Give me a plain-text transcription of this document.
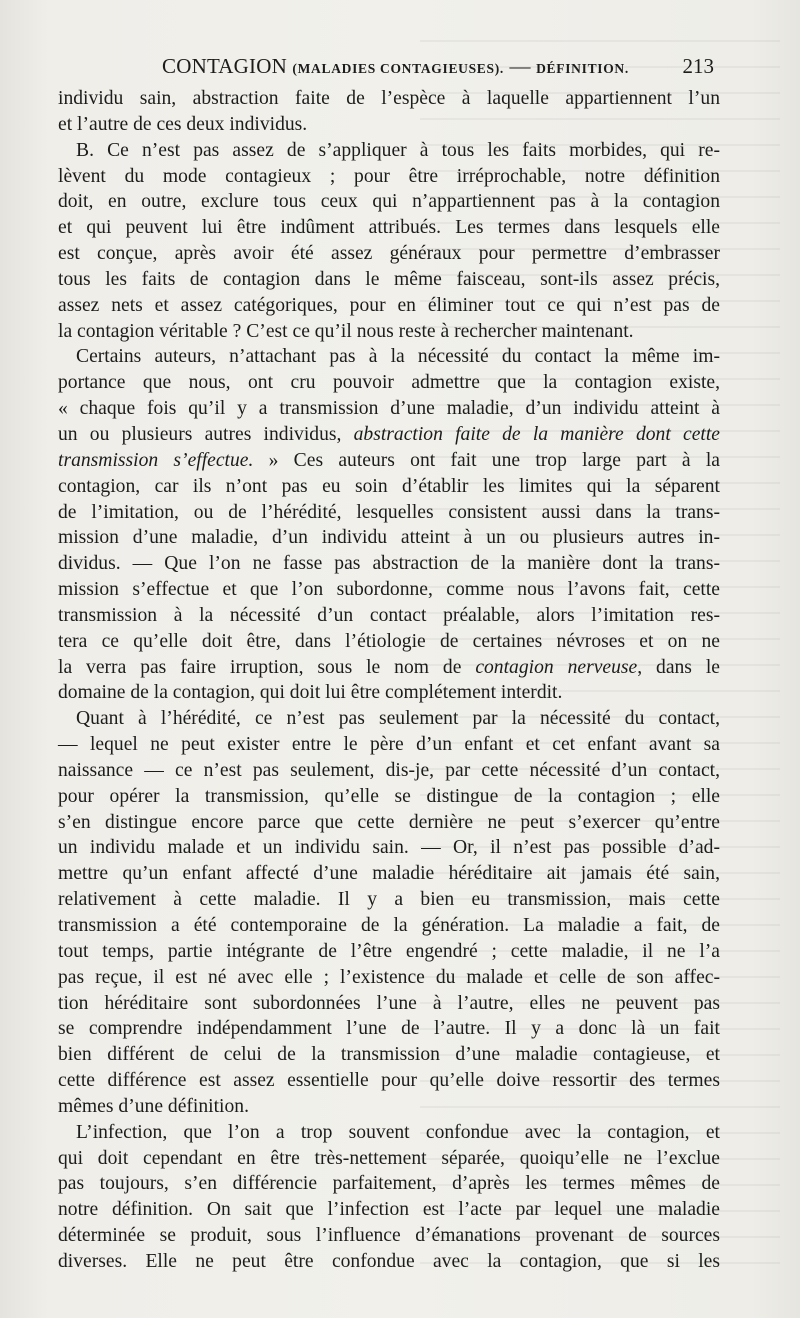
CONTAGION (MALADIES CONTAGIEUSES). — DÉFINITION.	213
individu sain, abstraction faite de l’espèce à laquelle appartiennent l’un
et l’autre de ces deux individus.
B. Ce n’est pas assez de s’appliquer à tous les faits morbides, qui re-
lèvent du mode contagieux ; pour être irréprochable, notre définition
doit, en outre, exclure tous ceux qui n’appartiennent pas à la contagion
et qui peuvent lui être indûment attribués. Les termes dans lesquels elle
est conçue, après avoir été assez généraux pour permettre d’embrasser
tous les faits de contagion dans le même faisceau, sont-ils assez précis,
assez nets et assez catégoriques, pour en éliminer tout ce qui n’est pas de
la contagion véritable ? C’est ce qu’il nous reste à rechercher maintenant.
Certains auteurs, n’attachant pas à la nécessité du contact la même im-
portance que nous, ont cru pouvoir admettre que la contagion existe,
« chaque fois qu’il y a transmission d’une maladie, d’un individu atteint à
un ou plusieurs autres individus, abstraction faite de la manière dont cette
transmission s’effectue. » Ces auteurs ont fait une trop large part à la
contagion, car ils n’ont pas eu soin d’établir les limites qui la séparent
de l’imitation, ou de l’hérédité, lesquelles consistent aussi dans la trans-
mission d’une maladie, d’un individu atteint à un ou plusieurs autres in-
dividus. — Que l’on ne fasse pas abstraction de la manière dont la trans-
mission s’effectue et que l’on subordonne, comme nous l’avons fait, cette
transmission à la nécessité d’un contact préalable, alors l’imitation res-
tera ce qu’elle doit être, dans l’étiologie de certaines névroses et on ne
la verra pas faire irruption, sous le nom de contagion nerveuse, dans le
domaine de la contagion, qui doit lui être complétement interdit.
Quant à l’hérédité, ce n’est pas seulement par la nécessité du contact,
— lequel ne peut exister entre le père d’un enfant et cet enfant avant sa
naissance — ce n’est pas seulement, dis-je, par cette nécessité d’un contact,
pour opérer la transmission, qu’elle se distingue de la contagion ; elle
s’en distingue encore parce que cette dernière ne peut s’exercer qu’entre
un individu malade et un individu sain. — Or, il n’est pas possible d’ad-
mettre qu’un enfant affecté d’une maladie héréditaire ait jamais été sain,
relativement à cette maladie. Il y a bien eu transmission, mais cette
transmission a été contemporaine de la génération. La maladie a fait, de
tout temps, partie intégrante de l’être engendré ; cette maladie, il ne l’a
pas reçue, il est né avec elle ; l’existence du malade et celle de son affec-
tion héréditaire sont subordonnées l’une à l’autre, elles ne peuvent pas
se comprendre indépendamment l’une de l’autre. Il y a donc là un fait
bien différent de celui de la transmission d’une maladie contagieuse, et
cette différence est assez essentielle pour qu’elle doive ressortir des termes
mêmes d’une définition.
L’infection, que l’on a trop souvent confondue avec la contagion, et
qui doit cependant en être très-nettement séparée, quoiqu’elle ne l’exclue
pas toujours, s’en différencie parfaitement, d’après les termes mêmes de
notre définition. On sait que l’infection est l’acte par lequel une maladie
déterminée se produit, sous l’influence d’émanations provenant de sources
diverses. Elle ne peut être confondue avec la contagion, que si les
